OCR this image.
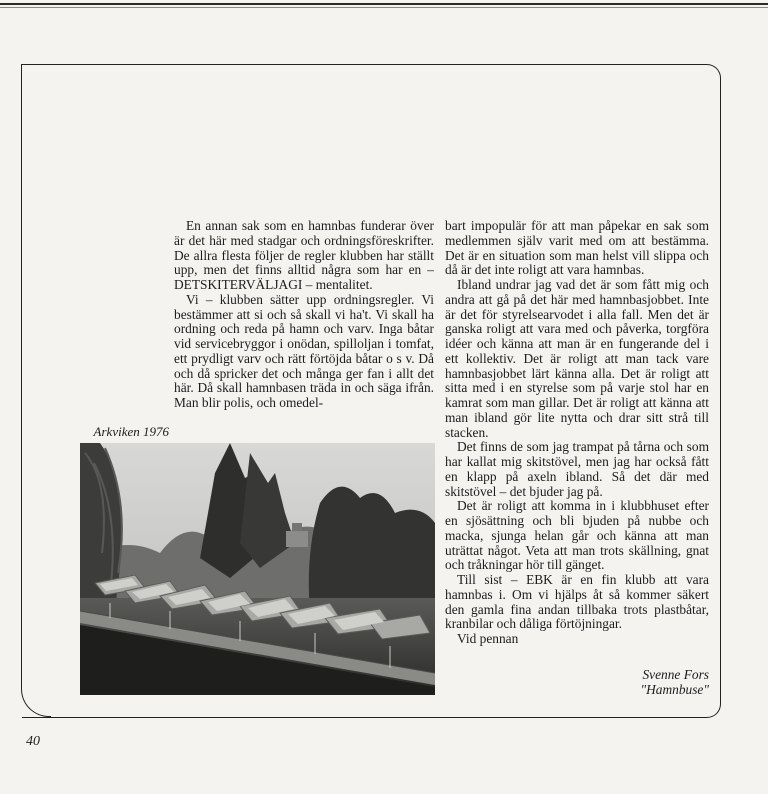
En annan sak som en hamnbas funderar över är det här med stadgar och ordningsföreskrifter. De allra flesta följer de regler klubben har ställt upp, men det finns alltid några som har en – DETSKITERVÄLJAGI – mentalitet.

Vi – klubben sätter upp ordningsregler. Vi bestämmer att si och så skall vi ha't. Vi skall ha ordning och reda på hamn och varv. Inga båtar vid servicebryggor i onödan, spilloljan i tomfat, ett prydligt varv och rätt förtöjda båtar o s v. Då och då spricker det och många ger fan i allt det här. Då skall hamnbasen träda in och säga ifrån. Man blir polis, och omedel-

Arkviken 1976

bart impopulär för att man påpekar en sak som medlemmen själv varit med om att bestämma. Det är en situation som man helst vill slippa och då är det inte roligt att vara hamnbas.

Ibland undrar jag vad det är som fått mig och andra att gå på det här med hamnbasjobbet. Inte är det för styrelsearvodet i alla fall. Men det är ganska roligt att vara med och påverka, torgföra idéer och känna att man är en fungerande del i ett kollektiv. Det är roligt att man tack vare hamnbasjobbet lärt känna alla. Det är roligt att sitta med i en styrelse som på varje stol har en kamrat som man gillar. Det är roligt att känna att man ibland gör lite nytta och drar sitt strå till stacken.

Det finns de som jag trampat på tårna och som har kallat mig skitstövel, men jag har också fått en klapp på axeln ibland. Så det där med skitstövel – det bjuder jag på.

Det är roligt att komma in i klubbhuset efter en sjösättning och bli bjuden på nubbe och macka, sjunga helan går och känna att man uträttat något. Veta att man trots skällning, gnat och tråkningar hör till gänget.

Till sist – EBK är en fin klubb att vara hamnbas i. Om vi hjälps åt så kommer säkert den gamla fina andan tillbaka trots plastbåtar, kranbilar och dåliga förtöjningar.

Vid pennan

Svenne Fors
"Hamnbuse"
40
